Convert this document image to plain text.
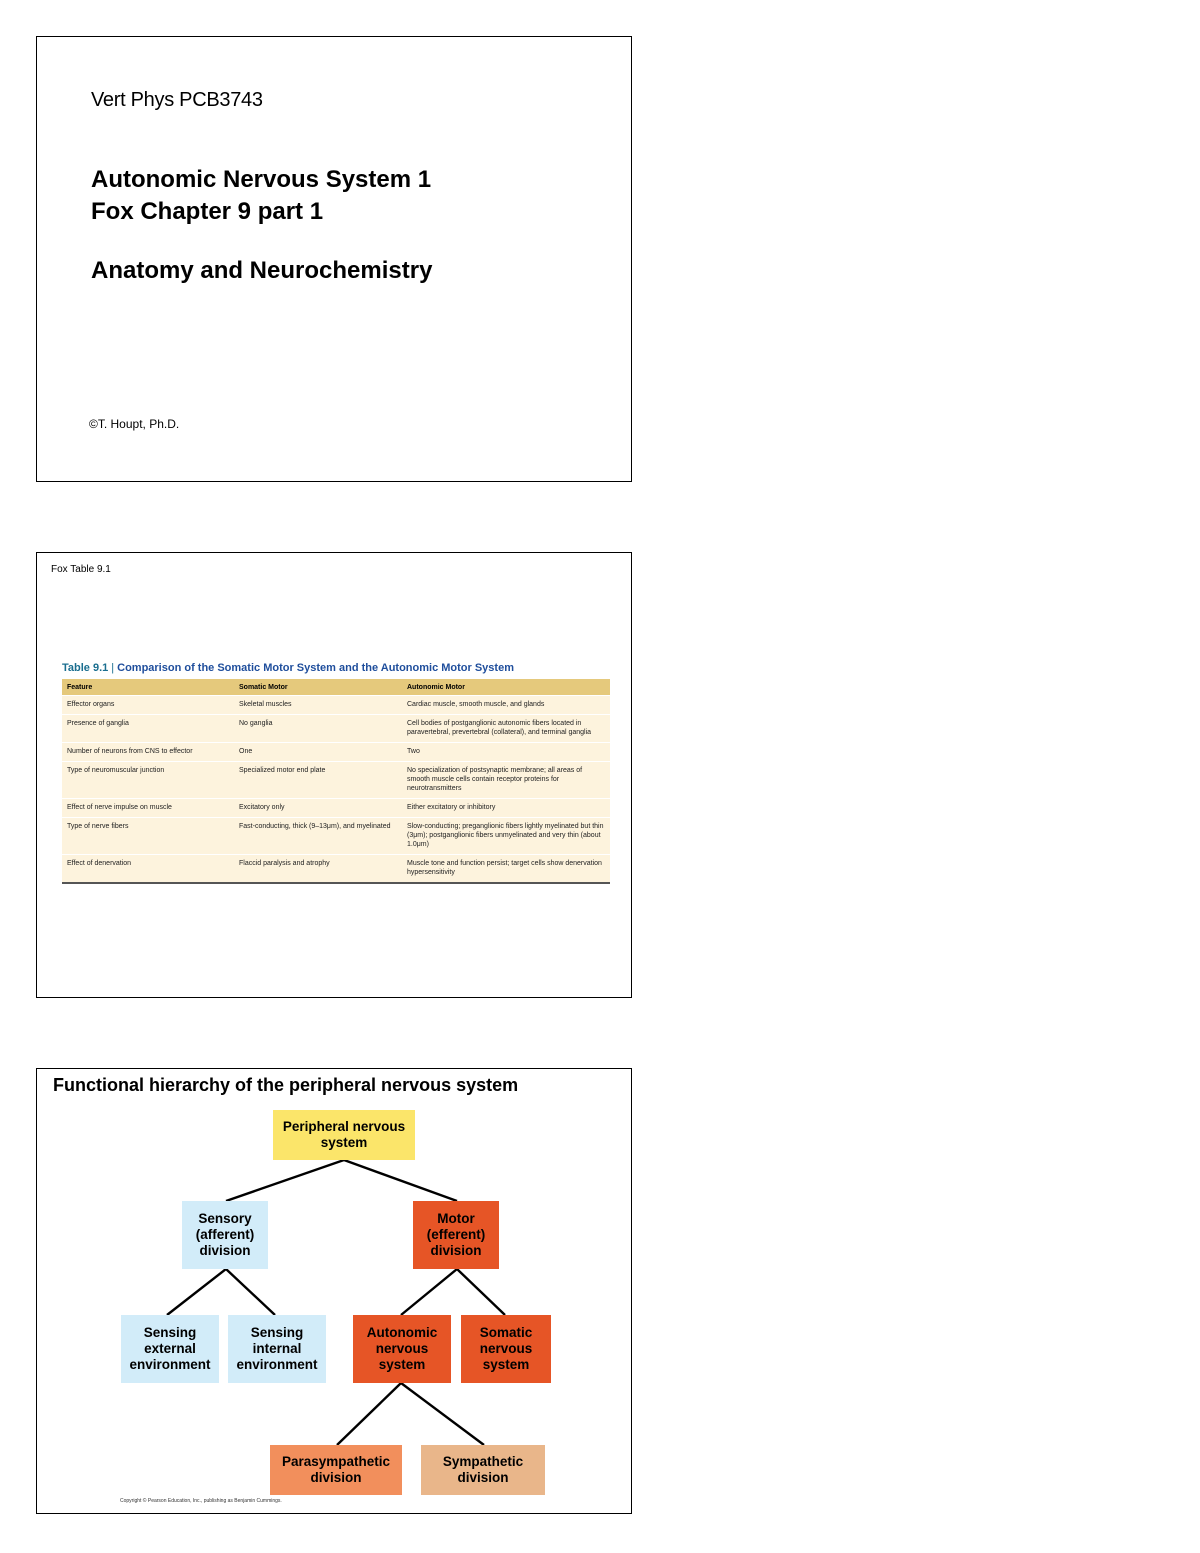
Vert Phys PCB3743
Autonomic Nervous System 1
Fox Chapter 9 part 1
Anatomy and Neurochemistry
©T. Houpt, Ph.D.
Fox Table 9.1
Table 9.1 | Comparison of the Somatic Motor System and the Autonomic Motor System
Feature	Somatic Motor	Autonomic Motor
Effector organs	Skeletal muscles	Cardiac muscle, smooth muscle, and glands
Presence of ganglia	No ganglia	Cell bodies of postganglionic autonomic fibers located in paravertebral, prevertebral (collateral), and terminal ganglia
Number of neurons from CNS to effector	One	Two
Type of neuromuscular junction	Specialized motor end plate	No specialization of postsynaptic membrane; all areas of smooth muscle cells contain receptor proteins for neurotransmitters
Effect of nerve impulse on muscle	Excitatory only	Either excitatory or inhibitory
Type of nerve fibers	Fast-conducting, thick (9–13μm), and myelinated	Slow-conducting; preganglionic fibers lightly myelinated but thin (3μm); postganglionic fibers unmyelinated and very thin (about 1.0μm)
Effect of denervation	Flaccid paralysis and atrophy	Muscle tone and function persist; target cells show denervation hypersensitivity
Functional hierarchy of the peripheral nervous system
Peripheral nervous system
Sensory (afferent) division
Motor (efferent) division
Sensing external environment
Sensing internal environment
Autonomic nervous system
Somatic nervous system
Parasympathetic division
Sympathetic division
Copyright © Pearson Education, Inc., publishing as Benjamin Cummings.
